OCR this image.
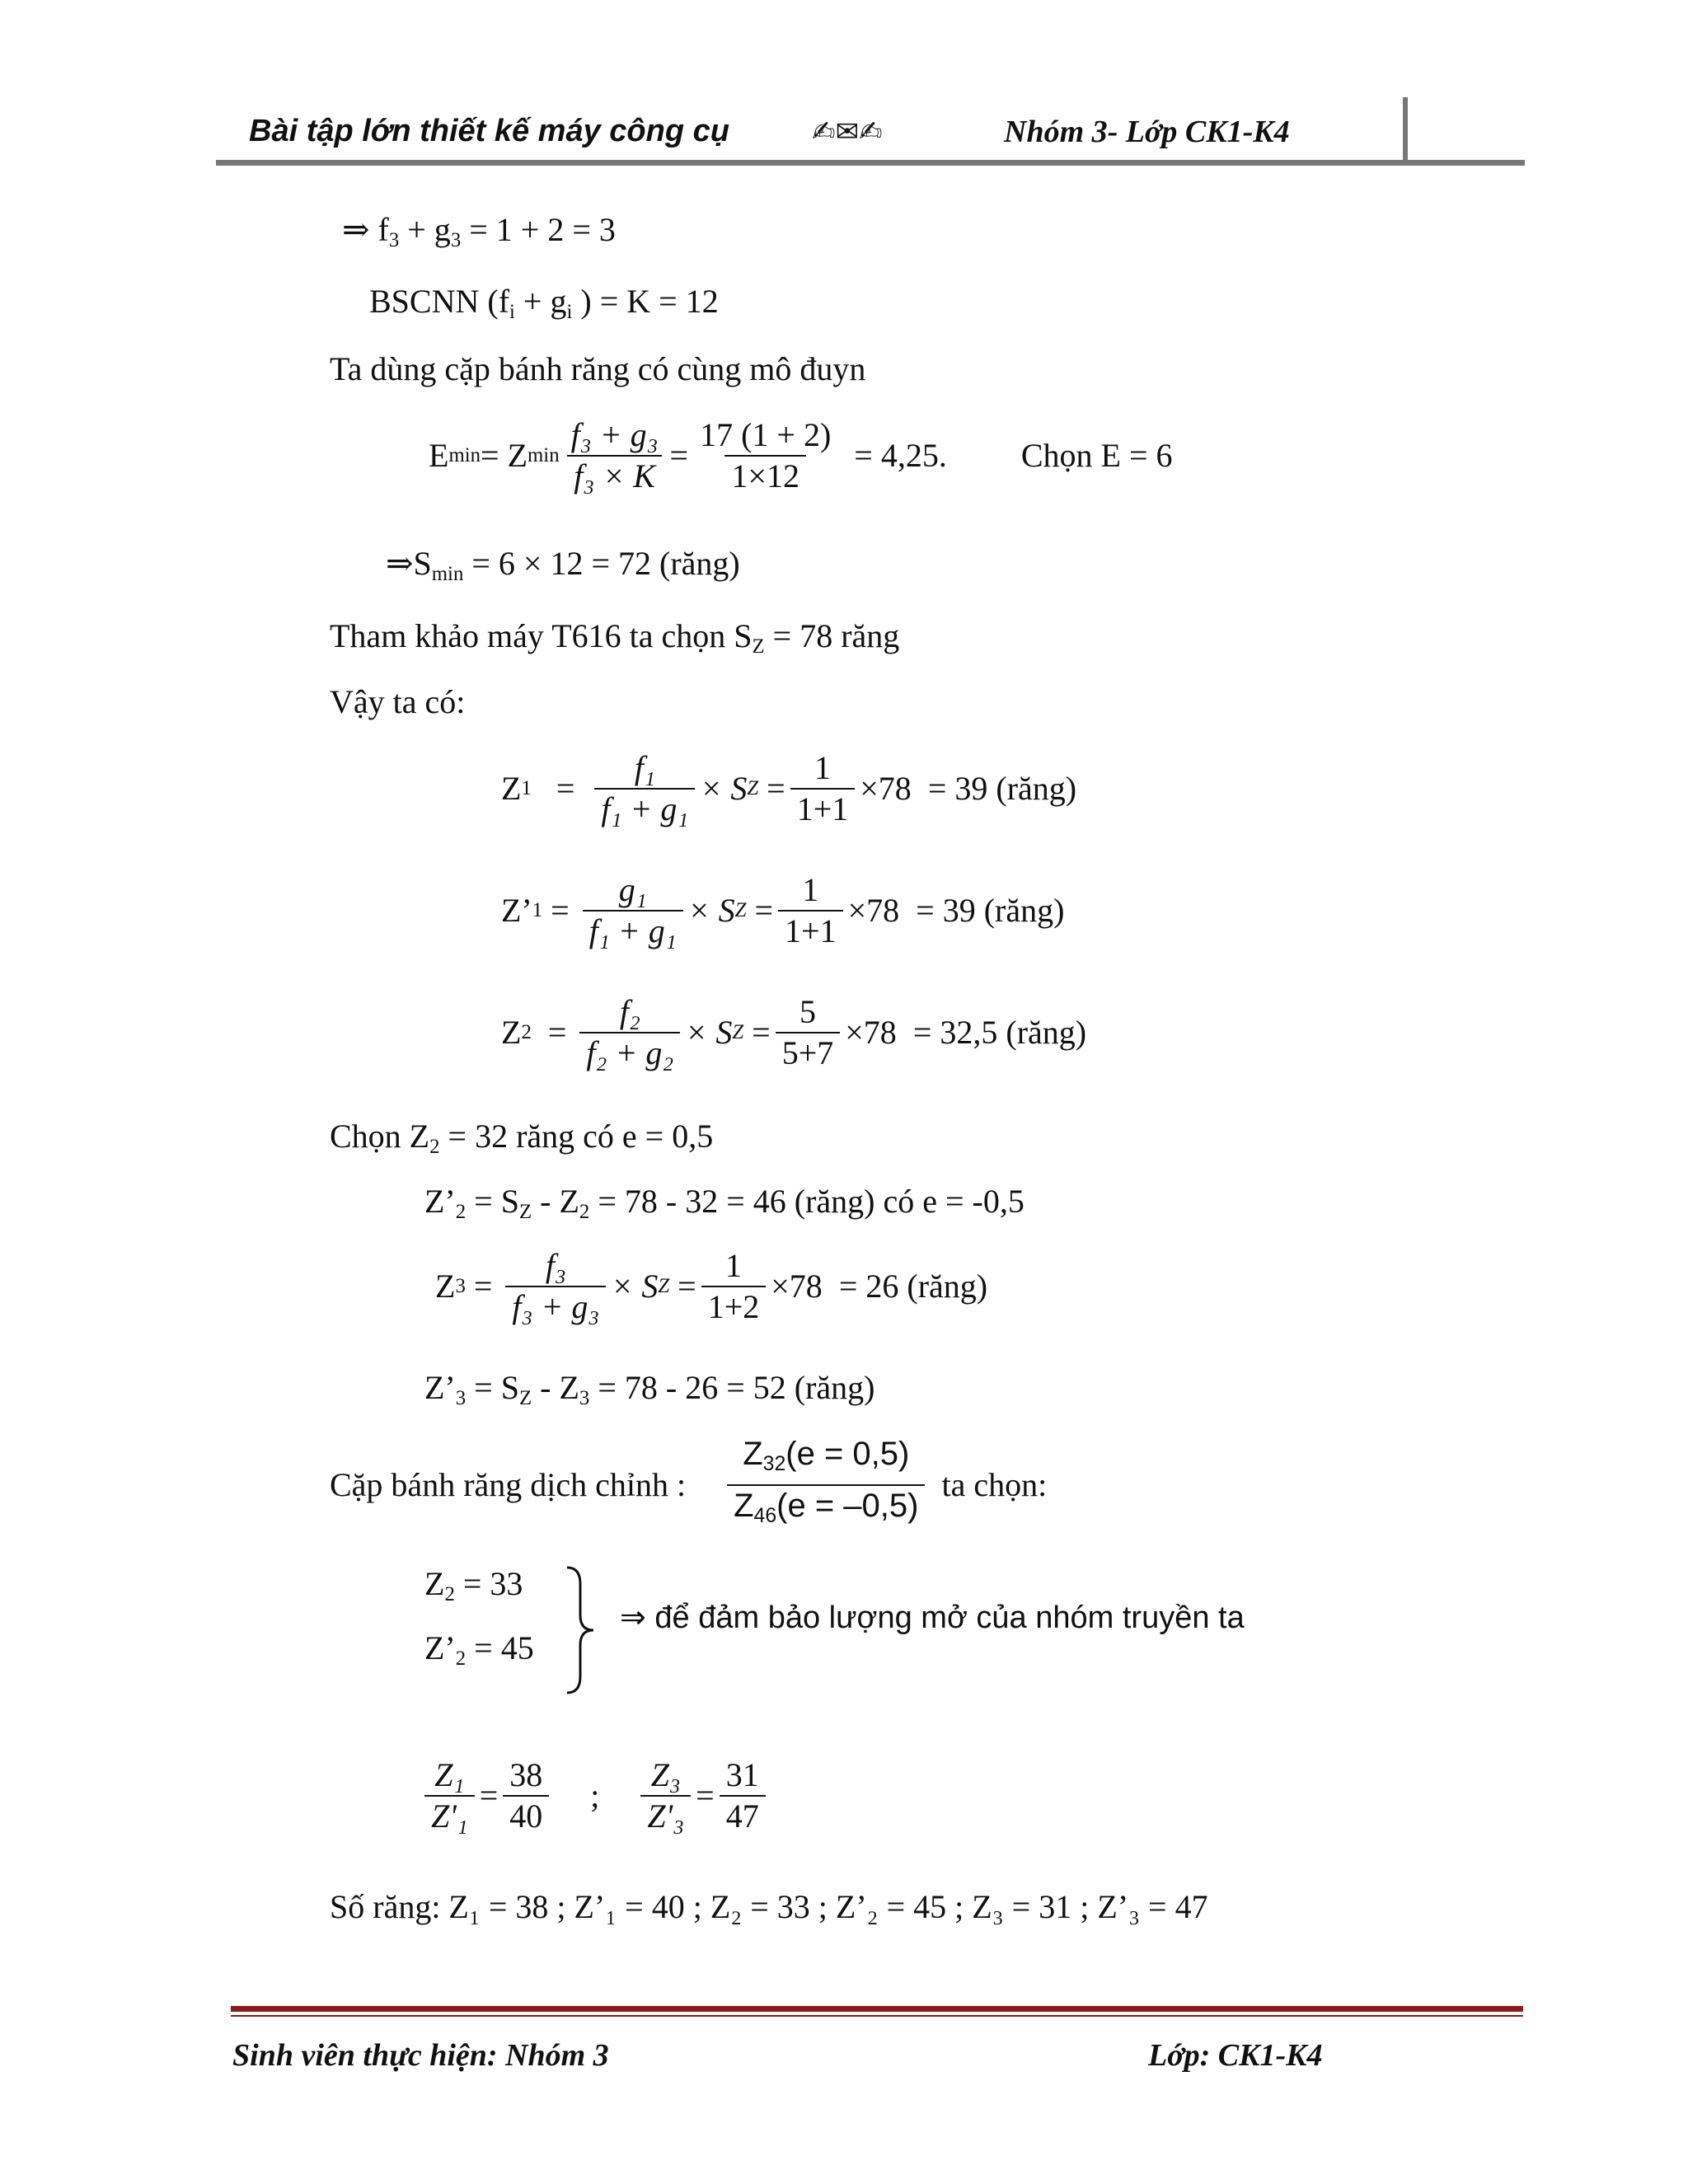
Bài tập lớn thiết kế máy công cụ	✍✉✍	Nhóm 3- Lớp CK1-K4
⇒ $f_3 + g_3 = 1 + 2 = 3$
BSCNN ($f_i + g_i$ ) = K = 12
Ta dùng cặp bánh răng có cùng mô đuyn
E min = Z $\min \frac{\text{f₃ + g₃}}{\text{f₃ × K}} = \frac{17 (1 + 2)}{1\times 12} = 4,25$. Chọn E = 6
$\Rightarrow S_{min} = 6 \times 12 = 72$ (răng)
Tham khảo máy T616 ta chọn $S_Z = 78$ răng
Vậy ta có:
Z $1 = \frac{\text{f₁}}{\text{f₁ + g₁}} \times S$ $Z = \frac{1}{1+1} \times 78 = 39$ (răng)
Z’ $1 = \frac{\text{g₁}}{\text{f₁ + g₁}} \times S$ $Z = \frac{1}{1+1} \times 78 = 39$ (răng)
Z $2 = \frac{\text{f₂}}{\text{f₂ + g₂}} \times S$ $Z = \frac{5}{5+7} \times 78 = 32,5$ (răng)
Chọn $Z_2 = 32$ răng có e = 0,5
$Z’_2 = S_Z - Z_2 = 78 - 32 = 46$ (răng) có e = -0,5
Z $3 = \frac{\text{f₃}}{\text{f₃ + g₃}} \times S$ $Z = \frac{1}{1+2} \times 78 = 26$ (răng)
$Z’_3 = S_Z - Z_3 = 78 - 26 = 52$ (răng)
Cặp bánh răng dịch chỉnh : $\frac{Z_{32}(e = 0,5)}{Z_{46}(e = -0,5)}$ ta chọn:
$Z_2 = 33$
$Z’_2 = 45$
⇒ để đảm bảo lượng mở của nhóm truyền ta
$\frac{\text{Z₁}}{\text{Z'₁}} = \frac{38}{40}$ ; $\frac{\text{Z₃}}{\text{Z'₃}} = \frac{31}{47}$
Số răng: Z₁ = 38 ; Z’₁ = 40 ; Z₂ = 33 ; Z’₂ = 45 ; Z₃ = 31 ; Z’₃ = 47
Sinh viên thực hiện: Nhóm 3	Lớp: CK1-K4
